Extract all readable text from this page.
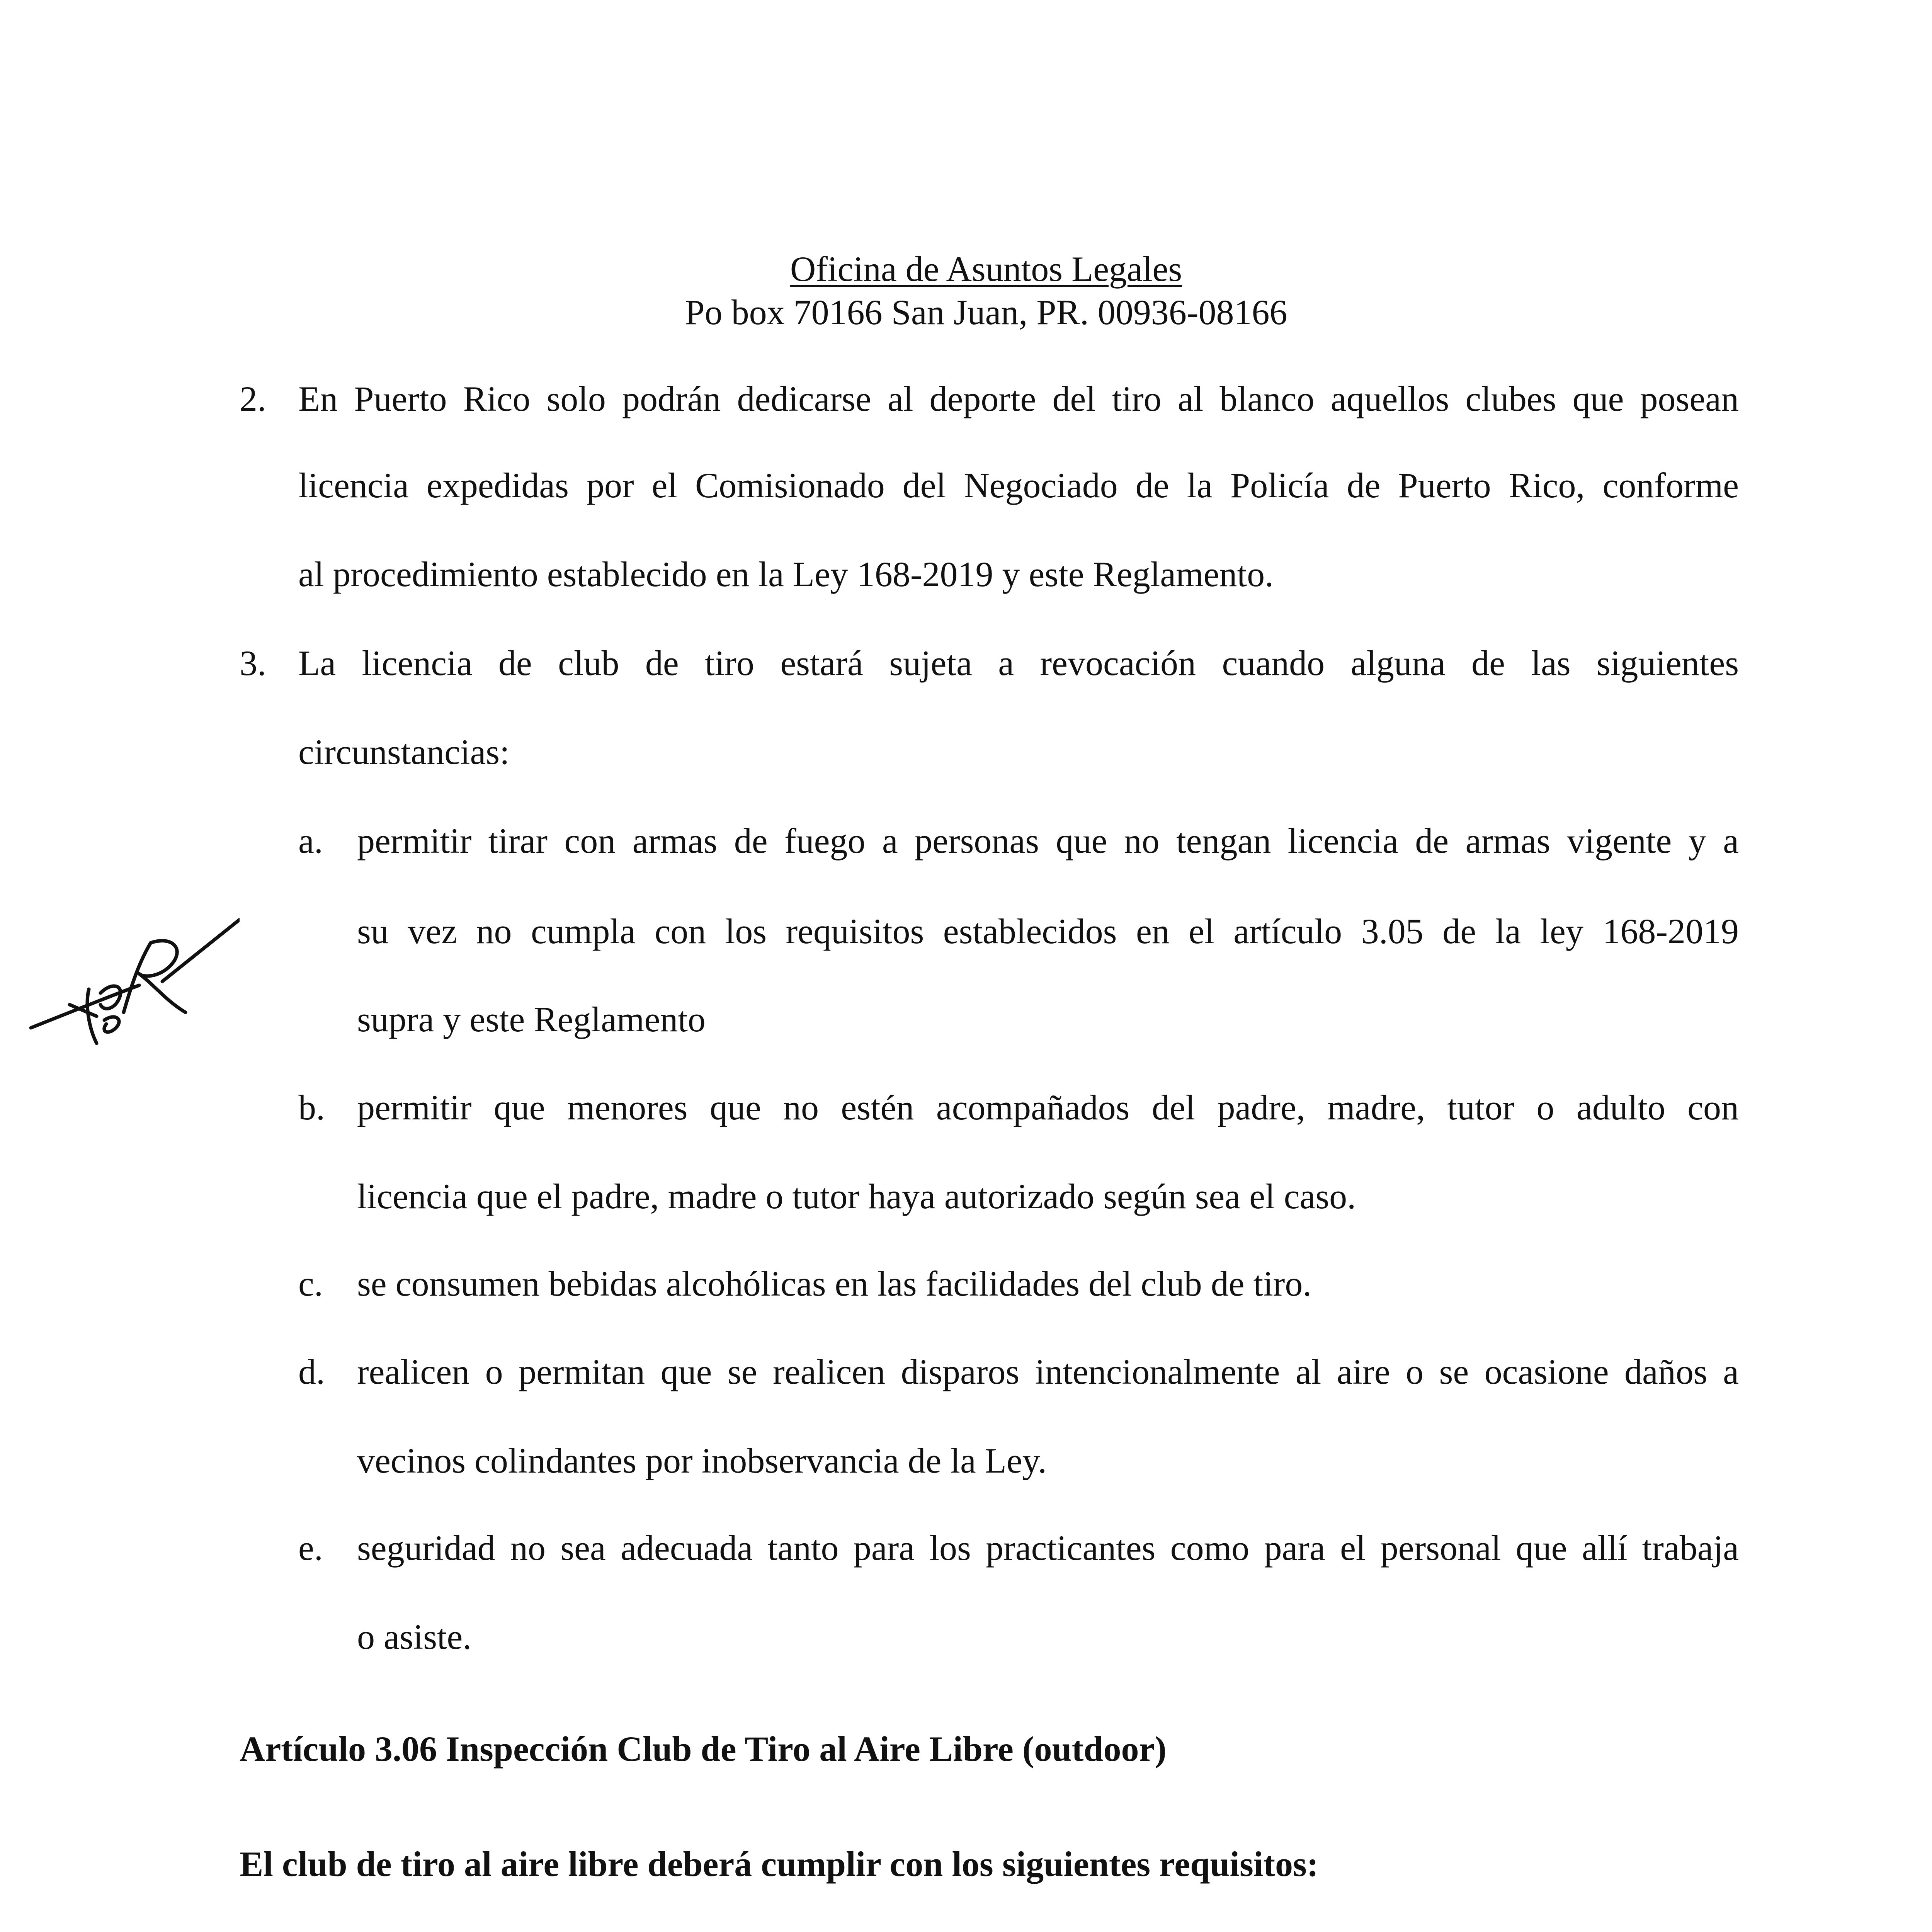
Oficina de Asuntos Legales
Po box 70166 San Juan, PR. 00936-08166
2. En Puerto Rico solo podrán dedicarse al deporte del tiro al blanco aquellos clubes que posean
licencia expedidas por el Comisionado del Negociado de la Policía de Puerto Rico, conforme
al procedimiento establecido en la Ley 168-2019 y este Reglamento.
3. La licencia de club de tiro estará sujeta a revocación cuando alguna de las siguientes
circunstancias:
a. permitir tirar con armas de fuego a personas que no tengan licencia de armas vigente y a
su vez no cumpla con los requisitos establecidos en el artículo 3.05 de la ley 168-2019
supra y este Reglamento
b. permitir que menores que no estén acompañados del padre, madre, tutor o adulto con
licencia que el padre, madre o tutor haya autorizado según sea el caso.
c. se consumen bebidas alcohólicas en las facilidades del club de tiro.
d. realicen o permitan que se realicen disparos intencionalmente al aire o se ocasione daños a
vecinos colindantes por inobservancia de la Ley.
e. seguridad no sea adecuada tanto para los practicantes como para el personal que allí trabaja
o asiste.
Artículo 3.06 Inspección Club de Tiro al Aire Libre (outdoor)
El club de tiro al aire libre deberá cumplir con los siguientes requisitos:
